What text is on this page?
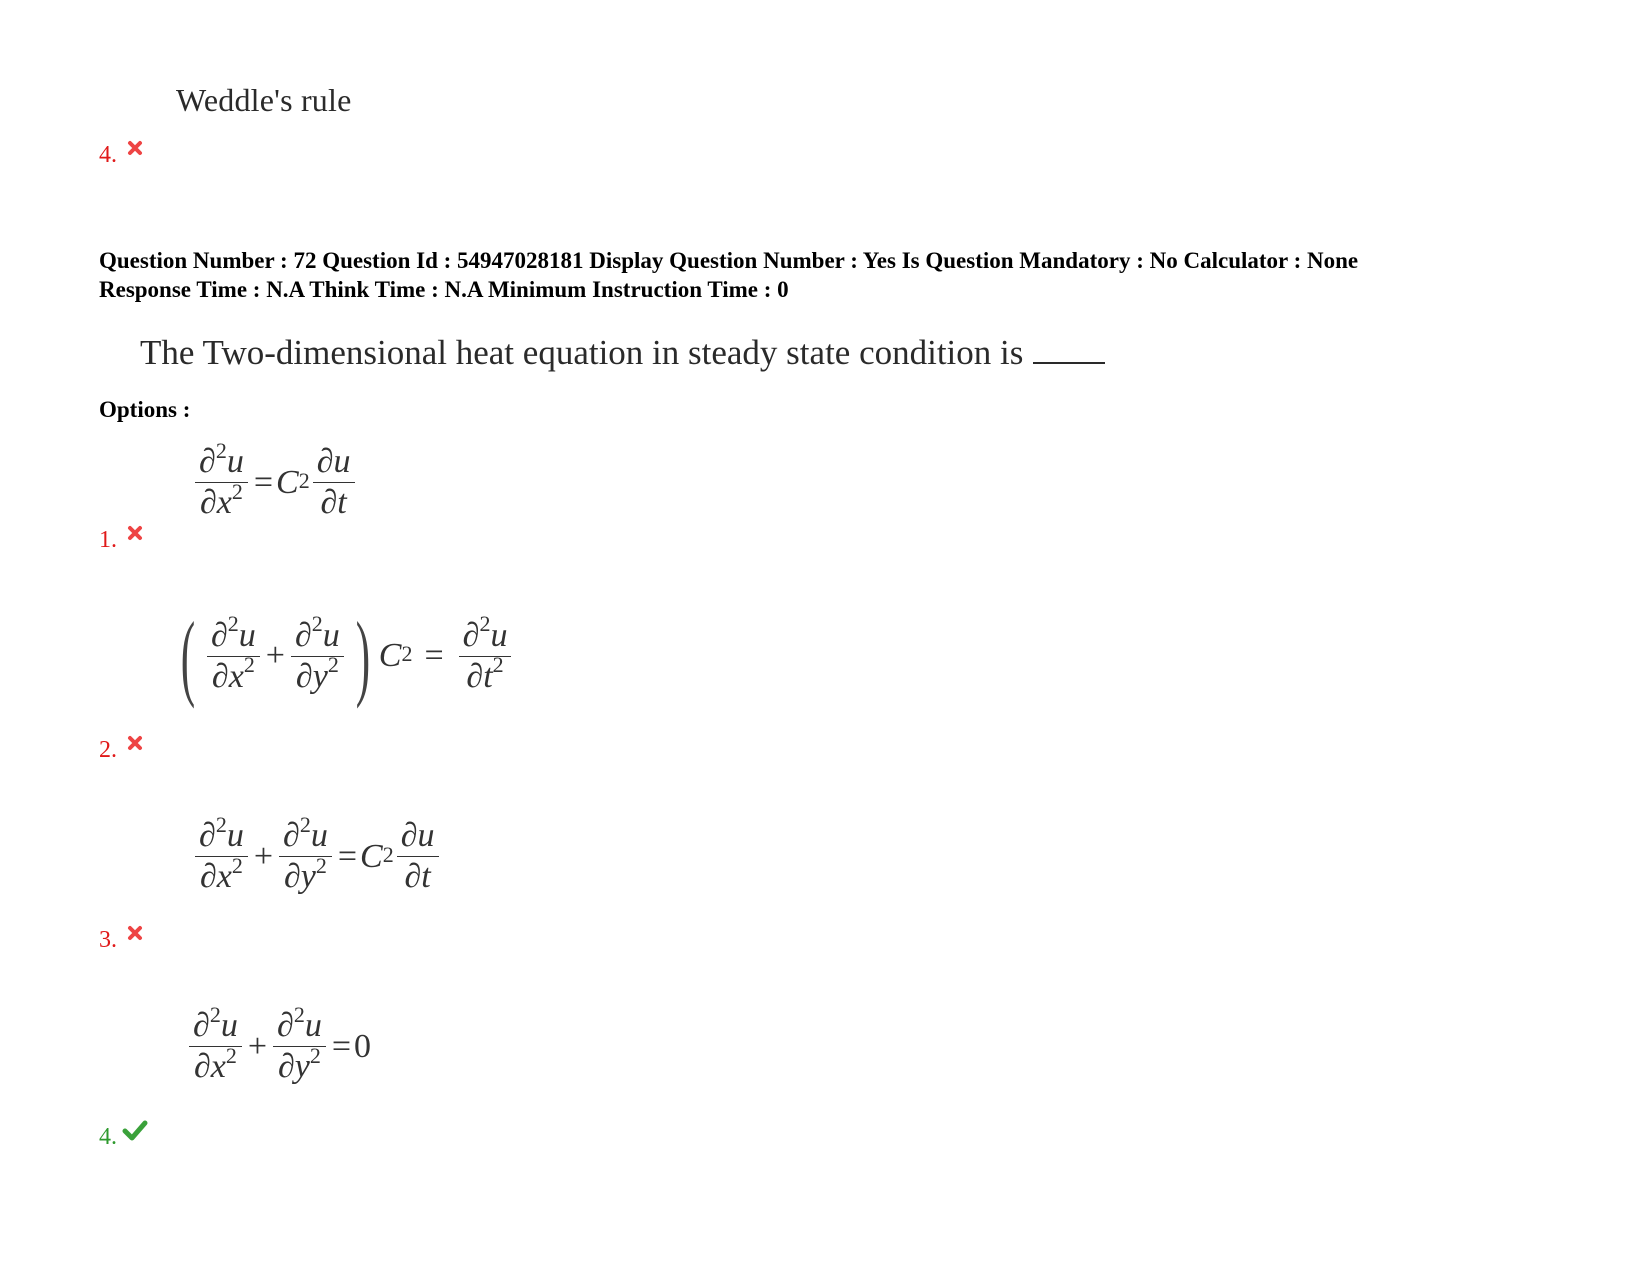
Weddle's rule
4.
Question Number : 72 Question Id : 54947028181 Display Question Number : Yes Is Question Mandatory : No Calculator : None
Response Time : N.A Think Time : N.A Minimum Instruction Time : 0
The Two-dimensional heat equation in steady state condition is
Options :
$\frac{\partial^2u}{\partial x^2} = C^2 \frac{\partial u}{\partial t}$
1.
( $\frac{\partial^2u}{\partial x^2} + \frac{\partial^2u}{\partial y^2}$ ) $C^2 = \frac{\partial^2u}{\partial t^2}$
2.
$\frac{\partial^2u}{\partial x^2} + \frac{\partial^2u}{\partial y^2} = C^2 \frac{\partial u}{\partial t}$
3.
$\frac{\partial^2u}{\partial x^2} + \frac{\partial^2u}{\partial y^2} = 0$
4.
